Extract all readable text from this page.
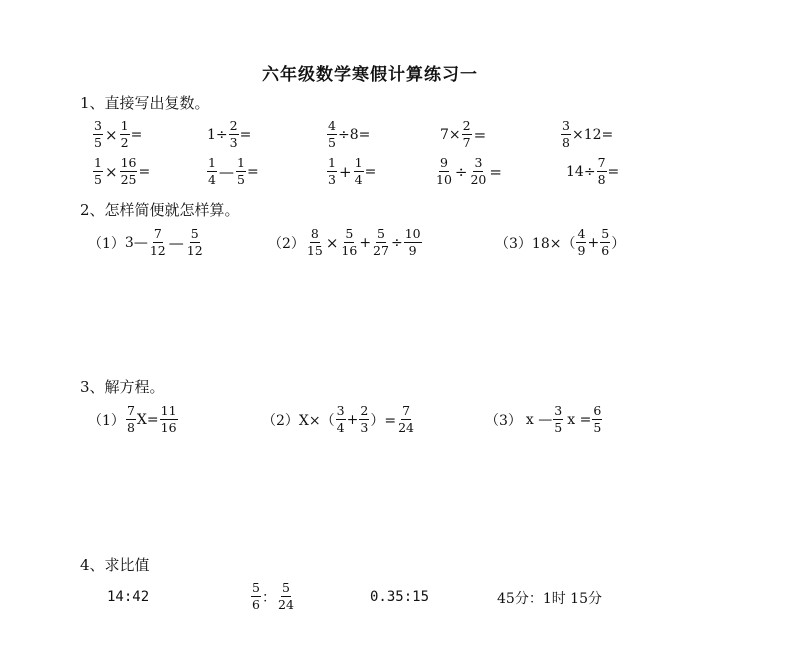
六年级数学寒假计算练习一
1、直接写出复数。
$\frac{3}{5} \times \frac{1}{2}$ =	$1\div \frac{2}{3}$ =	$\frac{4}{5} \div 8=$	$7\times \frac{2}{7}$ =	$\frac{3}{8} \times 12=$
$\frac{1}{5} \times \frac{16}{25}$ =	$\frac{1}{4}$ — $\frac{1}{5}$ =	$\frac{1}{3} + \frac{1}{4}$ =	$\frac{9}{10} \div \frac{3}{20}$ =	$14\div \frac{7}{8}$ =
2、怎样简便就怎样算。
（1） 3— $\frac{7}{12}$ — $\frac{5}{12}$	$(2) \frac{8}{15} \times \frac{5}{16} + \frac{5}{27} \div \frac{10}{9}$	（3） $18\times( \frac{4}{9} + \frac{5}{6}$ ）
3、解方程。
$(1) \frac{7}{8} X= \frac{11}{16}$	（2） $X\times( \frac{3}{4} + \frac{2}{3}$ ）= $\frac{7}{24}$	（3） x — $\frac{3}{5}$ $x = \frac{6}{5}$
4、求比值
14:42	$\frac{5}{6}$ ： $\frac{5}{24}$	0.35:15	45分：1时 15分
